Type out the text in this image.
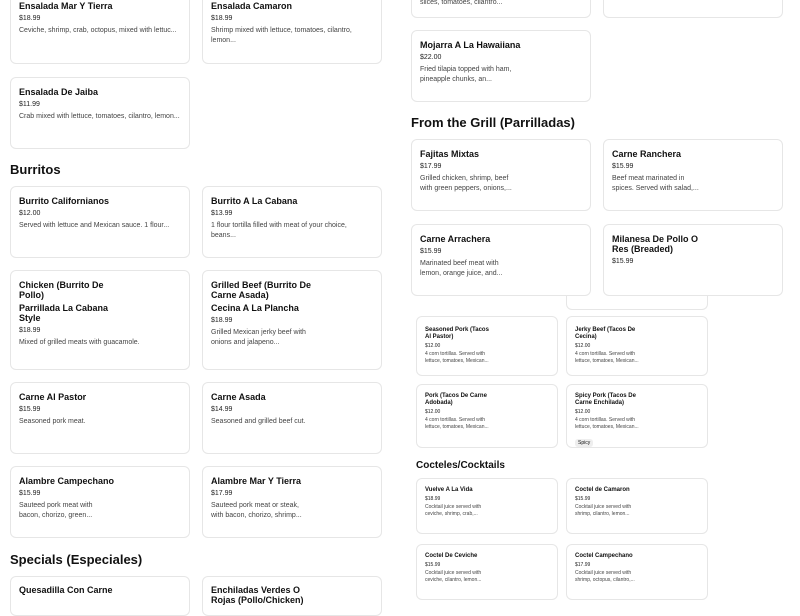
Ensalada Mar Y Tierra
$18.99
Ceviche, shrimp, crab, octopus, mixed with lettuc...
Ensalada Camaron
$18.99
Shrimp mixed with lettuce, tomatoes, cilantro, lemon...
Ensalada De Jaiba
$11.99
Crab mixed with lettuce, tomatoes, cilantro, lemon...
Burritos
Burrito Californianos
$12.00
Served with lettuce and Mexican sauce. 1 flour...
Burrito A La Cabana
$13.99
1 flour tortilla filled with meat of your choice, beans...
Chicken (Burrito De Pollo)
Parrillada La Cabana Style
$18.99
Mixed of grilled meats with guacamole.
Grilled Beef (Burrito De Carne Asada)
Cecina A La Plancha
$18.99
Grilled Mexican jerky beef with onions and jalapeno...
Carne Al Pastor
$15.99
Seasoned pork meat.
Carne Asada
$14.99
Seasoned and grilled beef cut.
Alambre Campechano
$15.99
Sauteed pork meat with bacon, chorizo, green...
Alambre Mar Y Tierra
$17.99
Sauteed pork meat or steak, with bacon, chorizo, shrimp...
Specials (Especiales)
Quesadilla Con Carne	Enchiladas Verdes O Rojas (Pollo/Chicken)
slices, tomatoes, cilantro...
Mojarra A La Hawaiiana
$22.00
Fried tilapia topped with ham, pineapple chunks, an...
From the Grill (Parrilladas)
Fajitas Mixtas
$17.99
Grilled chicken, shrimp, beef with green peppers, onions,...
Carne Ranchera
$15.99
Beef meat marinated in spices. Served with salad,...
Carne Arrachera
$15.99
Marinated beef meat with lemon, orange juice, and...
Milanesa De Pollo O Res (Breaded)
$15.99
Seasoned Pork (Tacos Al Pastor)
$12.00
4 corn tortillas. Served with lettuce, tomatoes, Mexican...
Jerky Beef (Tacos De Cecina)
$12.00
4 corn tortillas. Served with lettuce, tomatoes, Mexican...
Pork (Tacos De Carne Adobada)
$12.00
4 corn tortillas. Served with lettuce, tomatoes, Mexican...
Spicy Pork (Tacos De Carne Enchilada)
$12.00
4 corn tortillas. Served with lettuce, tomatoes, Mexican...
Spicy
Cocteles/Cocktails
Vuelve A La Vida
$18.99
Cocktail juice served with ceviche, shrimp, crab,...
Coctel de Camaron
$15.99
Cocktail juice served with shrimp, cilantro, lemon...
Coctel De Ceviche
$15.99
Cocktail juice served with ceviche, cilantro, lemon...
Coctel Campechano
$17.99
Cocktail juice served with shrimp, octopus, cilantro,...
